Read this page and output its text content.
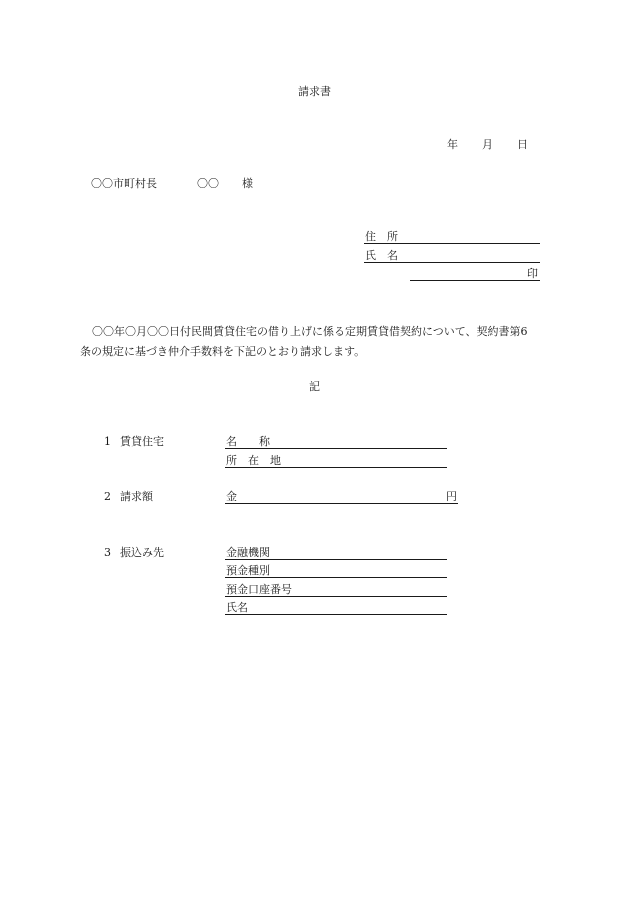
請求書
年 月 日
〇〇市町村長	〇〇 様
住　所
氏　名
印
〇〇年〇月〇〇日付民間賃貸住宅の借り上げに係る定期賃貸借契約について、契約書第6
条の規定に基づき仲介手数料を下記のとおり請求します。
記
1 賃貸住宅	名　　称
所　在　地
2 請求額	金	円
3 振込み先	金融機関
預金種別
預金口座番号
氏名
